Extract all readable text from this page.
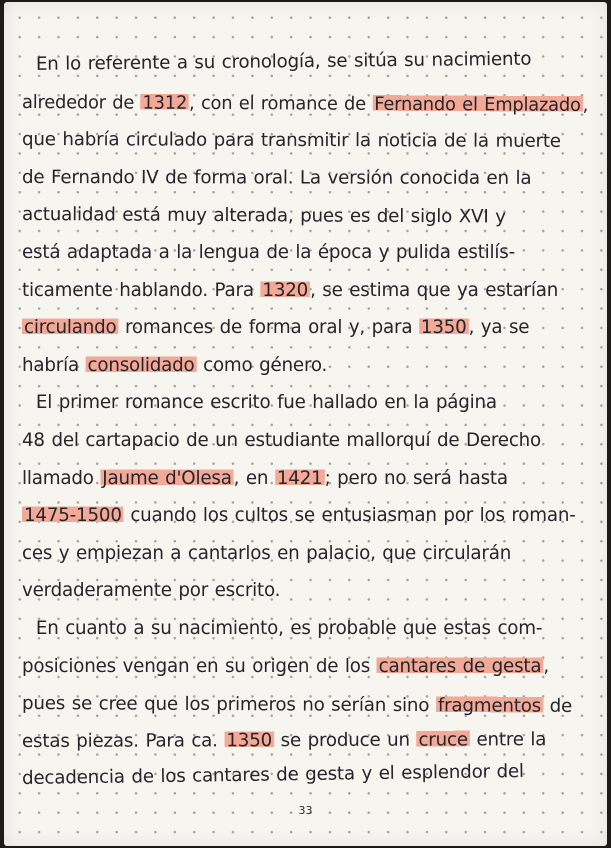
En lo referente a su cronología, se sitúa su nacimiento
alrededor de 1312, con el romance de Fernando el Emplazado,
que habría circulado para transmitir la noticia de la muerte
de Fernando IV de forma oral. La versión conocida en la
actualidad está muy alterada, pues es del siglo XVI y
está adaptada a la lengua de la época y pulida estilís-
ticamente hablando. Para 1320 , se estima que ya estarían
circulando romances de forma oral y, para 1350 , ya se
habría consolidado como género.
El primer romance escrito fue hallado en la página
48 del cartapacio de un estudiante mallorquí de Derecho
llamado Jaume d'Olesa , en 1421 ; pero no será hasta
1475-1500 cuando los cultos se entusiasman por los roman-
ces y empiezan a cantarlos en palacio, que circularán
verdaderamente por escrito.
En cuanto a su nacimiento, es probable que estas com-
posiciones vengan en su origen de los cantares de gesta ,
pues se cree que los primeros no serían sino fragmentos de
estas piezas. Para ca. 1350 se produce un cruce entre la
decadencia de los cantares de gesta y el esplendor del
33
